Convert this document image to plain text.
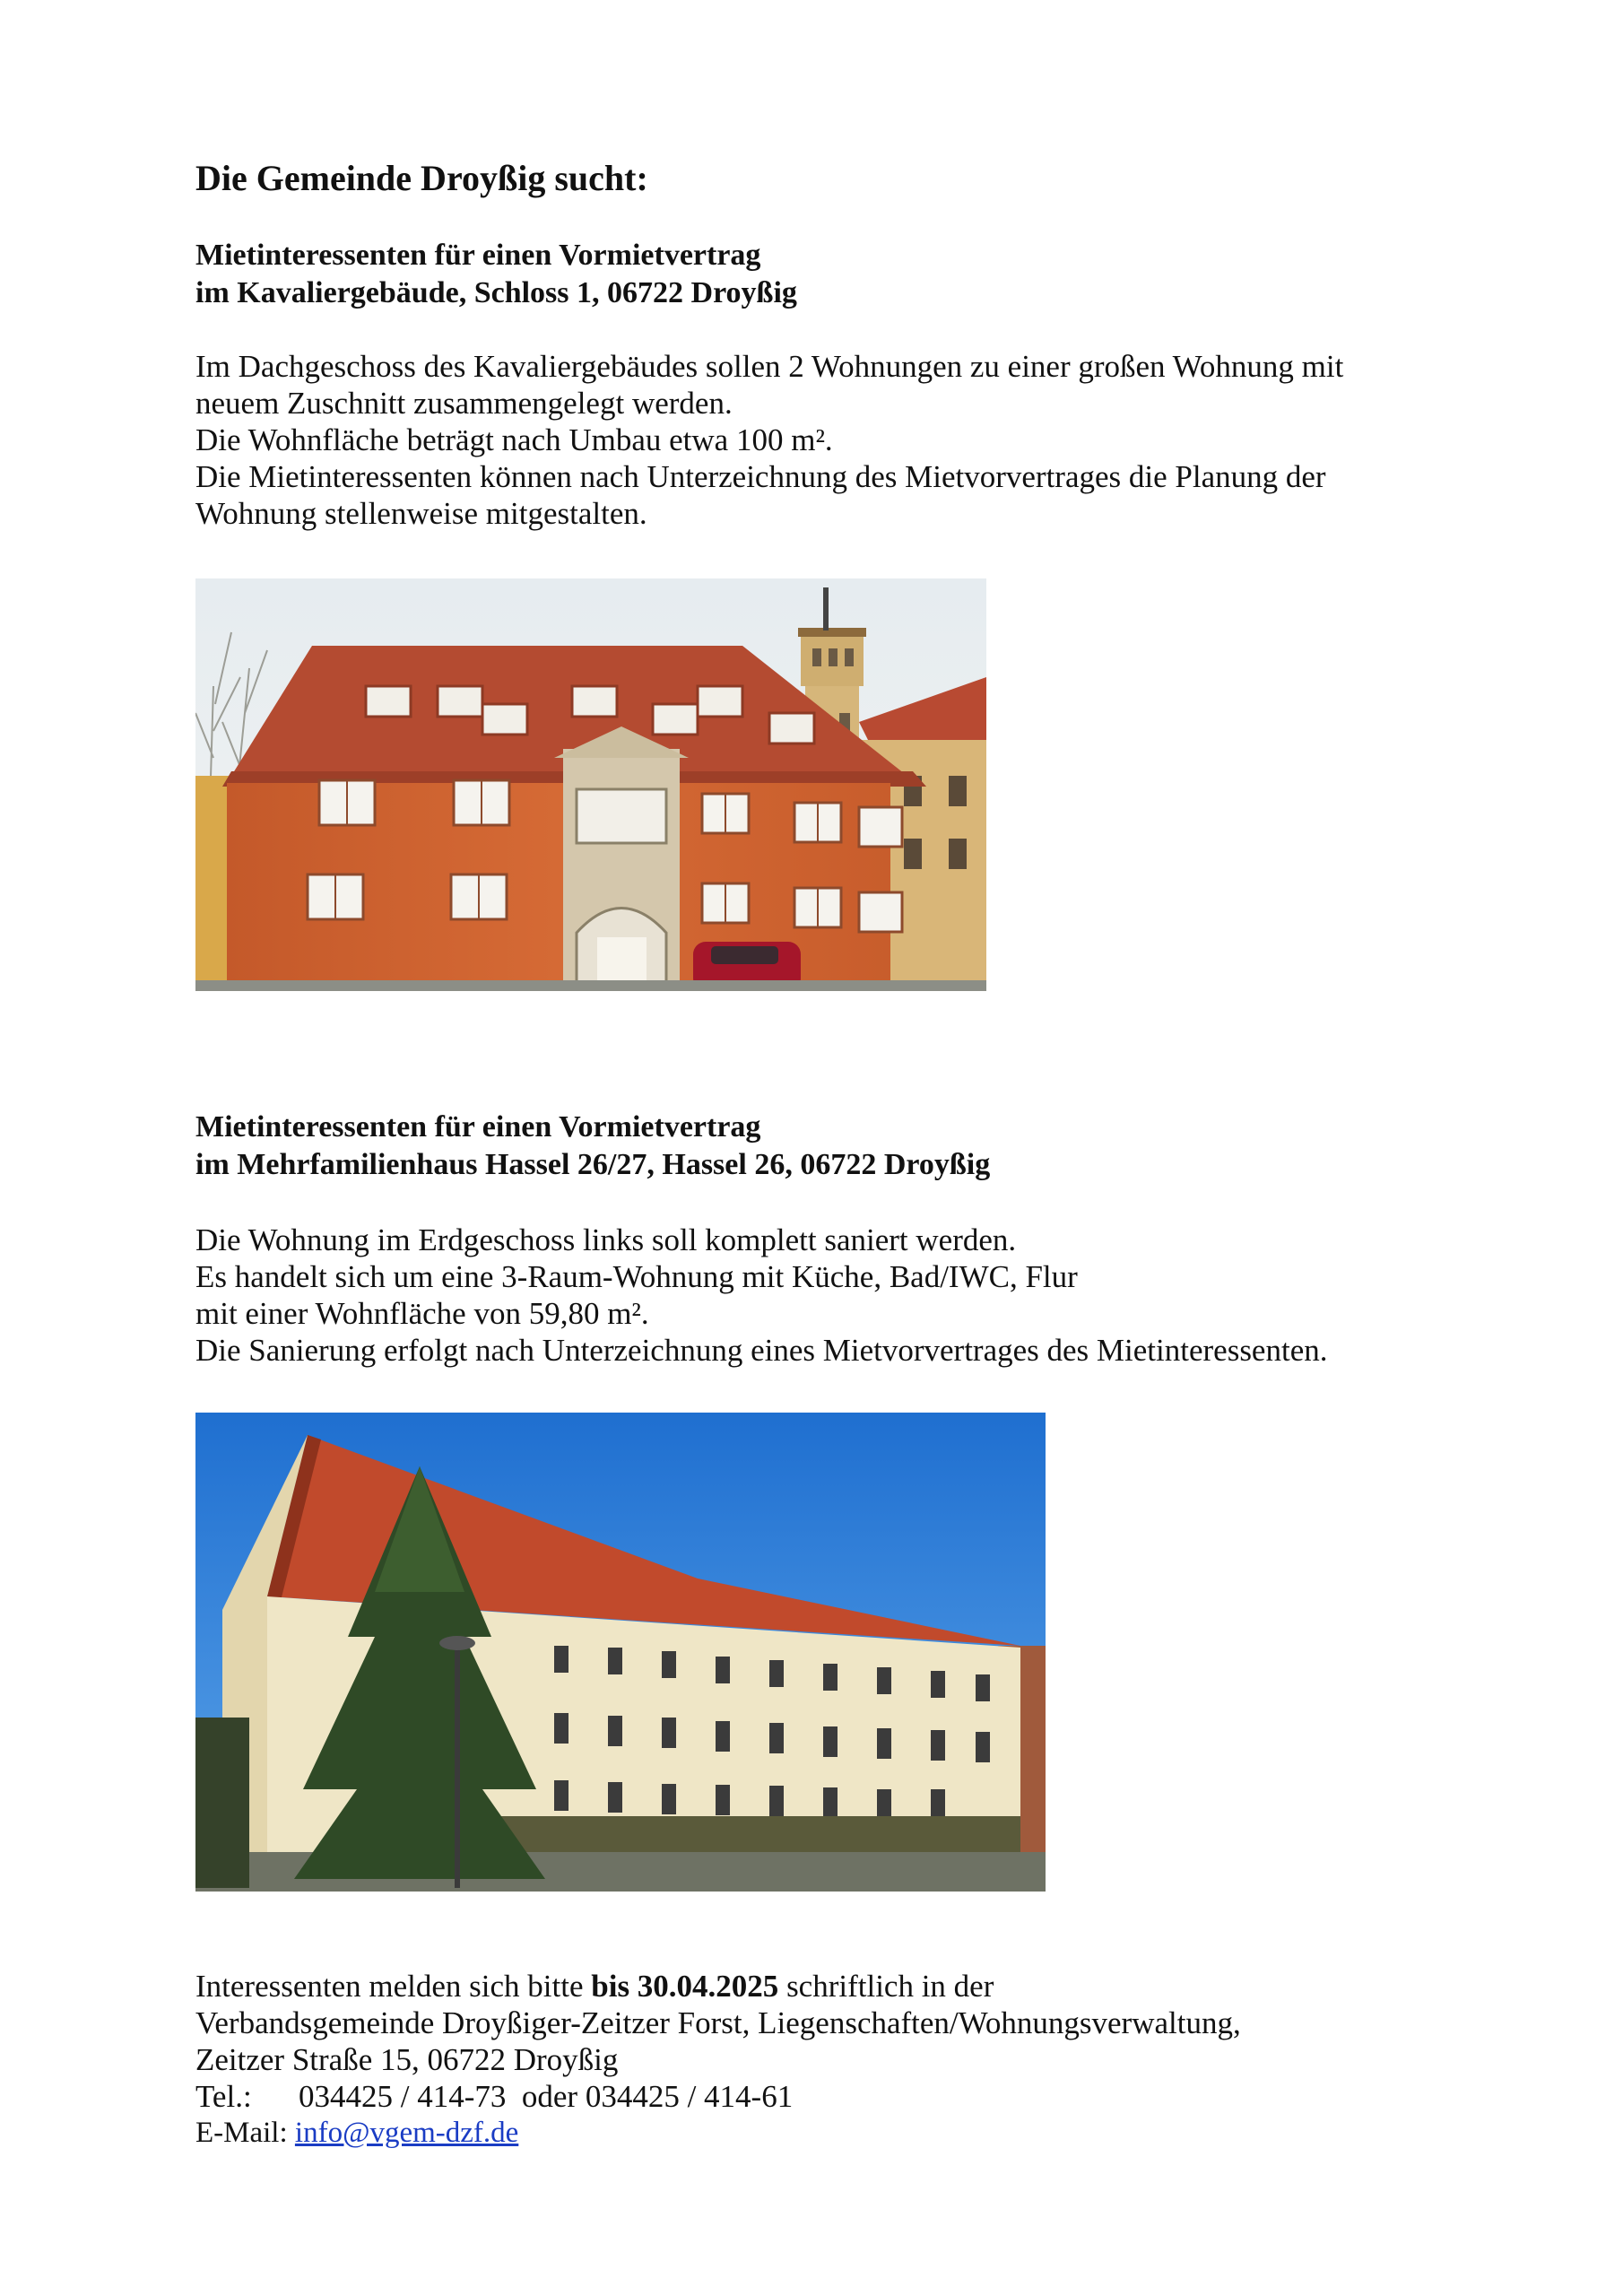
Die Gemeinde Droyßig sucht:

Mietinteressenten für einen Vormietvertrag
im Kavaliergebäude, Schloss 1, 06722 Droyßig

Im Dachgeschoss des Kavaliergebäudes sollen 2 Wohnungen zu einer großen Wohnung mit
neuem Zuschnitt zusammengelegt werden.
Die Wohnfläche beträgt nach Umbau etwa 100 m².
Die Mietinteressenten können nach Unterzeichnung des Mietvorvertrages die Planung der
Wohnung stellenweise mitgestalten.

Mietinteressenten für einen Vormietvertrag
im Mehrfamilienhaus Hassel 26/27, Hassel 26, 06722 Droyßig

Die Wohnung im Erdgeschoss links soll komplett saniert werden.
Es handelt sich um eine 3-Raum-Wohnung mit Küche, Bad/IWC, Flur
mit einer Wohnfläche von 59,80 m².
Die Sanierung erfolgt nach Unterzeichnung eines Mietvorvertrages des Mietinteressenten.

Interessenten melden sich bitte bis 30.04.2025 schriftlich in der
Verbandsgemeinde Droyßiger-Zeitzer Forst, Liegenschaften/Wohnungsverwaltung,
Zeitzer Straße 15, 06722 Droyßig
Tel.: 034425 / 414-73  oder 034425 / 414-61
E-Mail: info@vgem-dzf.de
